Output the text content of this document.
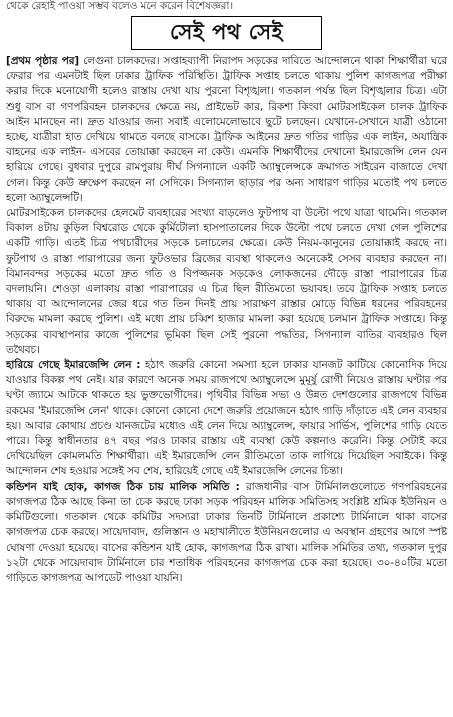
থেকে রেহাই পাওয়া সম্ভব বলেও মনে করেন বিশেষজ্ঞরা।
সেই পথ সেই

[প্রথম পৃষ্ঠার পর] লেগুনা চালকদের। সপ্তাহব্যাপী নিরাপদ সড়কের দাবিতে আন্দোলনে থাকা শিক্ষার্থীরা ঘরে ফেরার পর এমনটাই ছিল ঢাকার ট্রাফিক পরিস্থিতি। ট্রাফিক সপ্তাহ চলতে থাকায় পুলিশ কাগজপত্র পরীক্ষা করার দিকে মনোযোগী হলেও রাস্তায় দেখা যায় পুরনো বিশৃঙ্খলা। গতকাল পর্যন্ত ছিল বিশৃঙ্খলার চিত্র। এটা শুধু বাস বা গণপরিবহন চালকদের ক্ষেত্রে নয়, প্রাইভেট কার, রিকশা কিংবা মোটরসাইকেল চালক ট্রাফিক আইন মানছেন না। দ্রুত যাওয়ার জন্য সবাই এলোমেলোভাবে ছুটে চলছেন। যেখানে-সেখানে যাত্রী ওঠানো হচ্ছে, যাত্রীরা হাত দেখিয়ে থামতে বলছে বাসকে। ট্রাফিক আইনের দ্রুত গতির গাড়ির এক লাইন, অযান্ত্রিক বাহনের এক লাইন- এসবের তোয়াক্কা করছেন না কেউ। এমনকি শিক্ষার্থীদের দেখানো ইমারজেন্সি লেন যেন হারিয়ে গেছে। বুধবার দুপুরে রামপুরায় দীর্ঘ সিগন্যালে একটি অ্যাম্বুলেন্সকে ক্রমাগত সাইরেন বাজাতে দেখা গেল। কিন্তু কেউ ভ্রুক্ষেপ করছেন না সেদিকে। সিগন্যাল ছাড়ার পর অন্য সাধারণ গাড়ির মতোই পথ চলতে হলো অ্যাম্বুলেন্সটি।

মোটরসাইকেল চালকদের হেলমেট ব্যবহারের সংখ্যা বাড়লেও ফুটপাথ বা উল্টো পথে যাত্রা থামেনি। গতকাল বিকাল ৪টায় কুড়িল বিশ্বরোড থেকে কুর্মিটোলা হাসপাতালের দিকে উল্টো পথে চলতে দেখা গেল পুলিশের একটি গাড়ি। এতই চিত্র পথচারীদের সড়কে চলাচলের ক্ষেত্রে। কেউ নিয়ম-কানুনের তোয়াক্কাই করছে না। ফুটপাথ ও রাস্তা পারাপারের জন্য ফুটওভার ব্রিজের ব্যবস্থা থাকলেও অনেকেই সেসব ব্যবহার করছেন না। বিমানবন্দর সড়কের মতো দ্রুত গতি ও বিপজ্জনক সড়কেও লোকজনের দৌড়ে রাস্তা পারাপারের চিত্র বদলায়নি। শেওড়া এলাকায় রাস্তা পারাপারের এ চিত্র ছিল রীতিমতো ভয়াবহ। তবে ট্রাফিক সপ্তাহ চলতে থাকায় বা আন্দোলনের জের ধরে গত তিন দিনই প্রায় সারাক্ষণ রাস্তার মোড়ে বিভিন্ন ধরনের পরিবহনের বিরুদ্ধে মামলা করছে পুলিশ। এই মধ্যে প্রায় চব্বিশ হাজার মামলা করা হয়েছে চলমান ট্রাফিক সপ্তাহে। কিন্তু সড়কের ব্যবস্থাপনার কাজে পুলিশের ভূমিকা ছিল সেই পুরনো পদ্ধতির, সিগন্যাল বাতির ব্যবহারও ছিল তথৈবচ।

হারিয়ে গেছে ইমারজেন্সি লেন : হঠাৎ জরুরি কোনো সমস্যা হলে ঢাকার যানজট কাটিয়ে কোনোদিক দিয়ে যাওয়ার বিকল্প পথ নেই। যার কারণে অনেক সময় রাজপথে অ্যাম্বুলেন্সে মুমূর্ষু রোগী নিয়েও রাস্তায় ঘণ্টার পর ঘণ্টা জ্যামে আটকে থাকতে হয় ভুক্তভোগীদের। পৃথিবীর বিভিন্ন সভ্য ও উন্নত দেশগুলোর রাজপথে বিভিন্ন রকমের 'ইমারজেন্সি লেন' থাকে। কোনো কোনো দেশে জরুরি প্রয়োজনে হঠাৎ গাড়ি দাঁড়াতে এই লেন ব্যবহার হয়। আবার কোথায় প্রচণ্ড যানজটের মধ্যেও এই লেন দিয়ে অ্যাম্বুলেন্স, ফায়ার সার্ভিস, পুলিশের গাড়ি যেতে পারে। কিন্তু স্বাধীনতার ৪৭ বছর পরও ঢাকার রাস্তায় এই ব্যবস্থা কেউ কল্পনাও করেনি। কিন্তু সেটাই করে দেখিয়েছিল কোমলমতি শিক্ষার্থীরা। এই ইমারজেন্সি লেন রীতিমতো তাক লাগিয়ে দিয়েছিল সবাইকে। কিন্তু আন্দোলন শেষ হওয়ার সঙ্গেই সব শেষ, হারিয়েই গেছে এই ইমারজেন্সি লেনের চিন্তা।

কন্ডিশন যাই হোক, কাগজ ঠিক চায় মালিক সমিতি : রাজধানীর বাস টার্মিনালগুলোতে গণপরিবহনের কাগজপত্র ঠিক আছে কিনা তা চেক করছে ঢাকা সড়ক পরিবহন মালিক সমিতিসহ সংশ্লিষ্ট শ্রমিক ইউনিয়ন ও কমিটিগুলো। গতকাল থেকে কমিটির সদস্যরা ঢাকার তিনটি টার্মিনালে প্রকাশ্যে টার্মিনালে থাকা বাসের কাগজপত্র চেক করছে। সায়েদাবাদ, গুলিস্তান ও মহাখালীতে ইউনিয়নগুলোর এ অবস্থান গ্রহণের আগে স্পষ্ট ঘোষণা দেওয়া হয়েছে। বাসের কন্ডিশন যাই হোক, কাগজপত্র ঠিক রাখা। মালিক সমিতির তথ্য, গতকাল দুপুর ১২টা থেকে সায়েদাবাদ টার্মিনালে চার শতাধিক পরিবহনের কাগজপত্র চেক করা হয়েছে। ৩০-৪০টির মতো গাড়িতে কাগজপত্র আপডেট পাওয়া যায়নি।
